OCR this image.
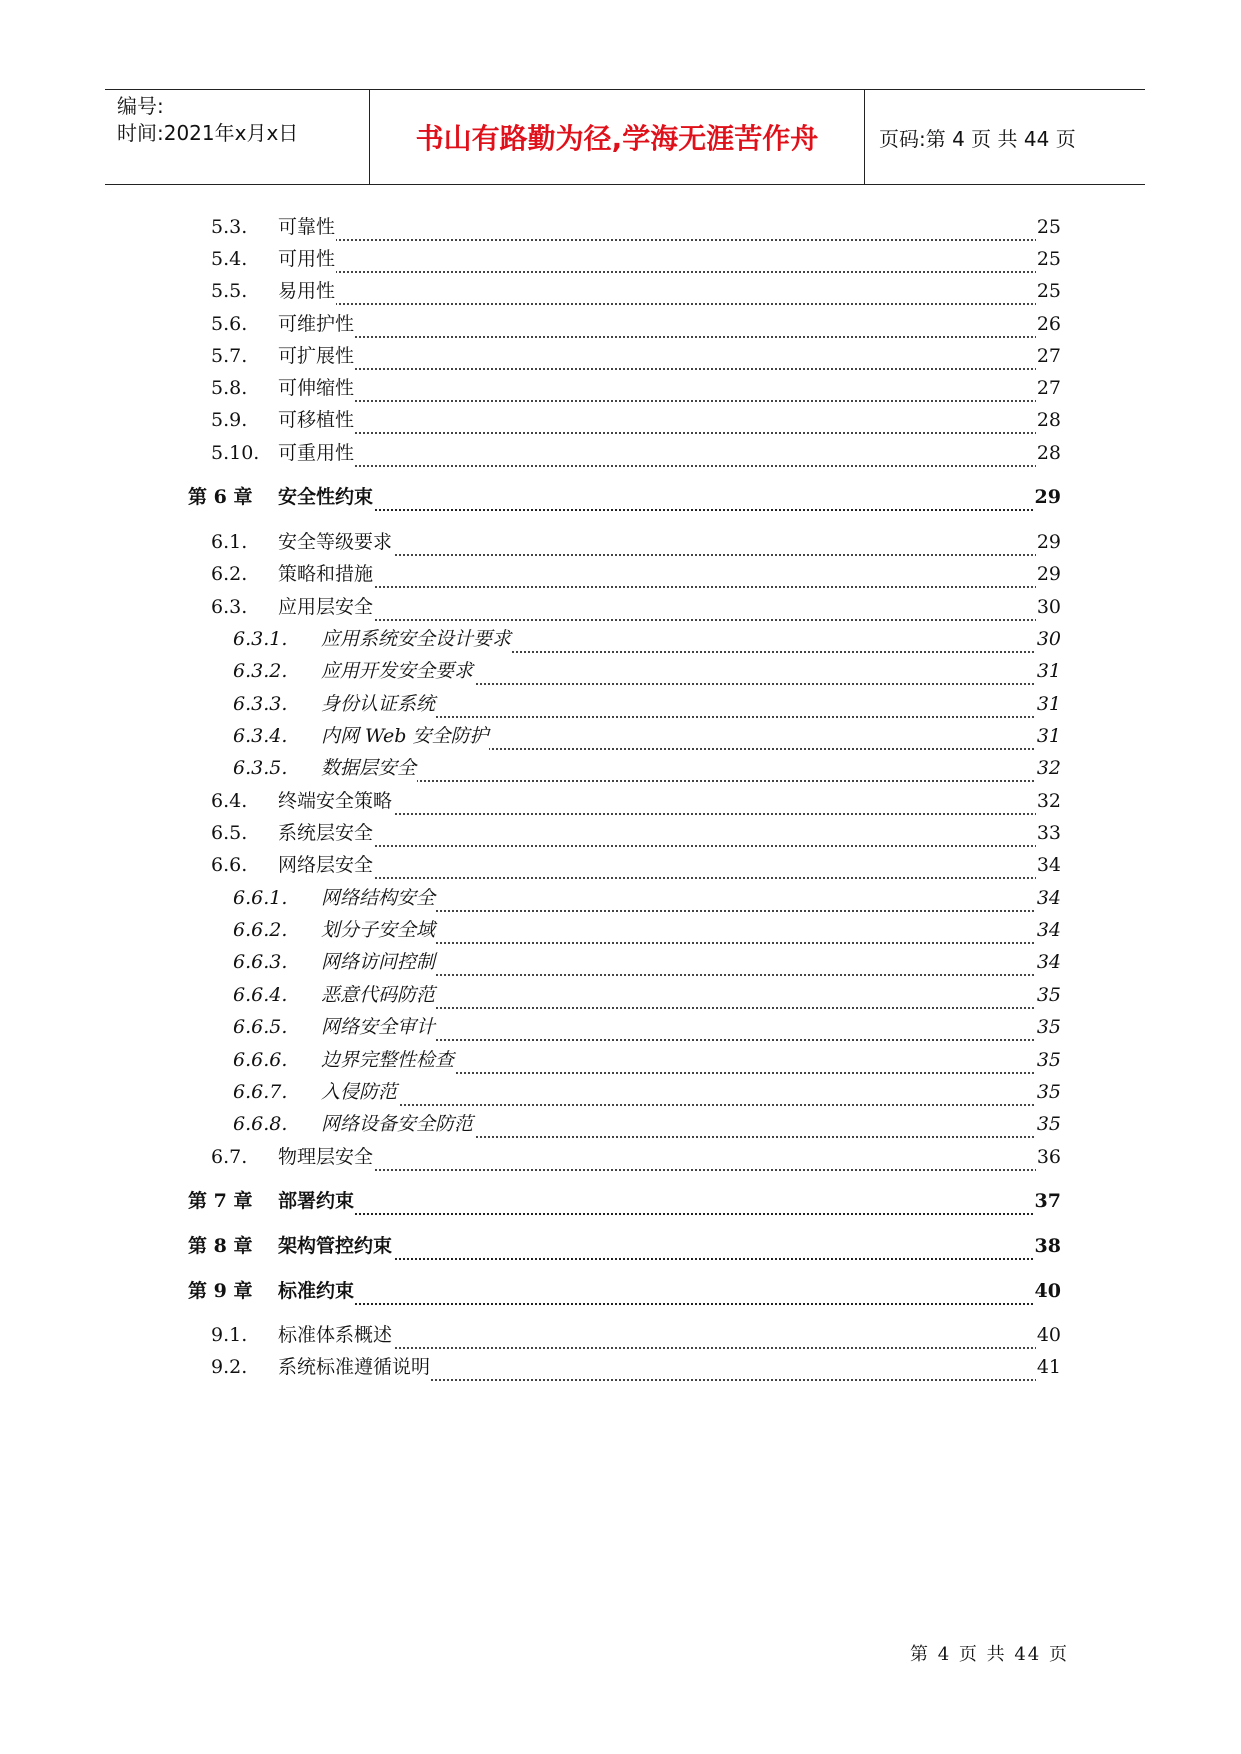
编号:
时间:2021年x月x日	书山有路勤为径,学海无涯苦作舟	页码:第 4 页 共 44 页
5.3. 可靠性	25
5.4. 可用性	25
5.5. 易用性	25
5.6. 可维护性	26
5.7. 可扩展性	27
5.8. 可伸缩性	27
5.9. 可移植性	28
5.10. 可重用性	28
第 6 章 安全性约束	29
6.1. 安全等级要求	29
6.2. 策略和措施	29
6.3. 应用层安全	30
6.3.1. 应用系统安全设计要求	30
6.3.2. 应用开发安全要求	31
6.3.3. 身份认证系统	31
6.3.4. 内网 Web 安全防护	31
6.3.5. 数据层安全	32
6.4. 终端安全策略	32
6.5. 系统层安全	33
6.6. 网络层安全	34
6.6.1. 网络结构安全	34
6.6.2. 划分子安全域	34
6.6.3. 网络访问控制	34
6.6.4. 恶意代码防范	35
6.6.5. 网络安全审计	35
6.6.6. 边界完整性检查	35
6.6.7. 入侵防范	35
6.6.8. 网络设备安全防范	35
6.7. 物理层安全	36
第 7 章 部署约束	37
第 8 章 架构管控约束	38
第 9 章 标准约束	40
9.1. 标准体系概述	40
9.2. 系统标准遵循说明	41
第 4 页 共 44 页
